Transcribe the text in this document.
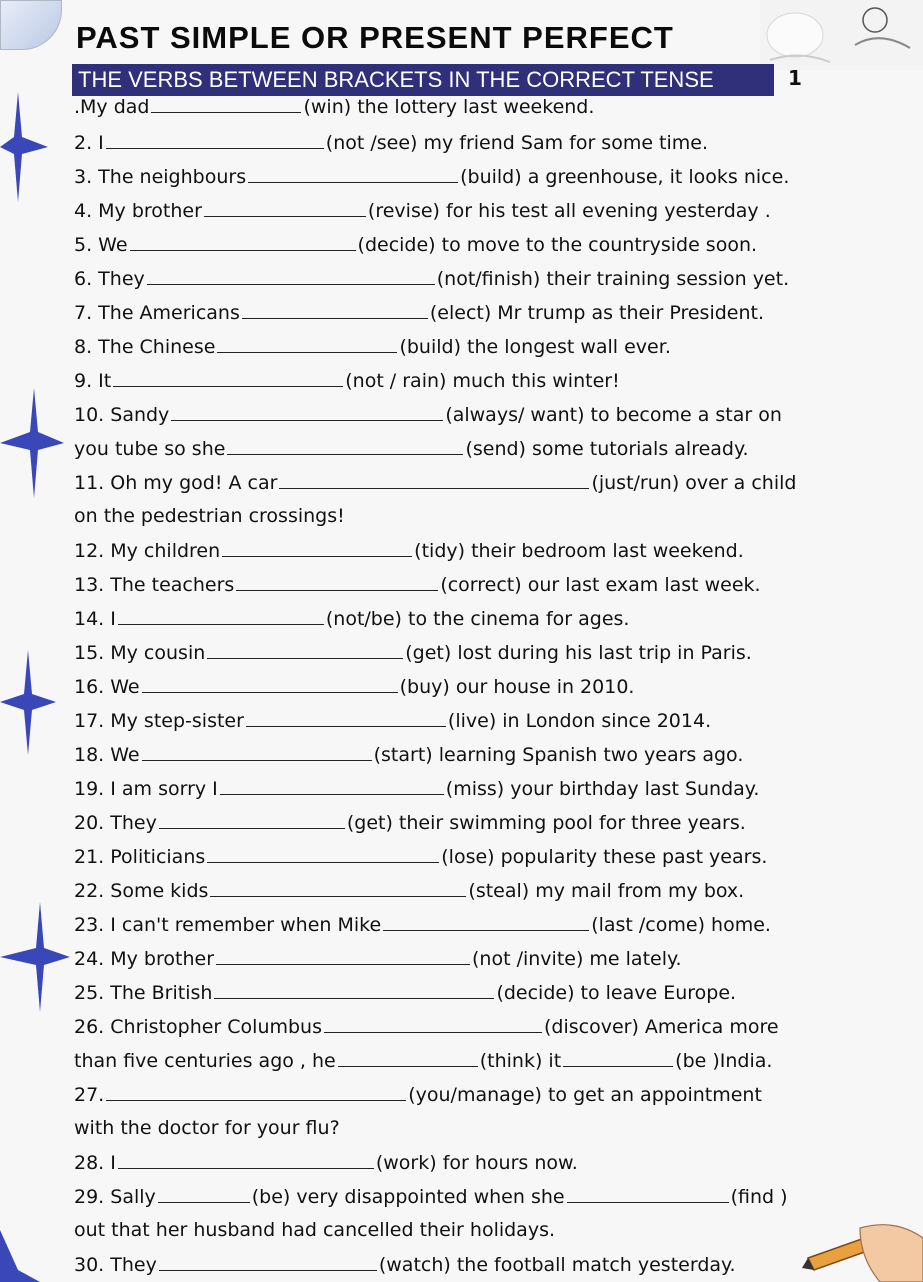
PAST SIMPLE OR PRESENT PERFECT
THE VERBS BETWEEN BRACKETS IN THE CORRECT TENSE	1
.My dad	(win) the lottery last weekend.
2. I	(not /see) my friend Sam for some time.
3. The neighbours	(build) a greenhouse, it looks nice.
4. My brother	(revise) for his test all evening yesterday .
5. We	(decide) to move to the countryside soon.
6. They	(not/finish) their training session yet.
7. The Americans	(elect) Mr trump as their President.
8. The Chinese	(build) the longest wall ever.
9. It	(not / rain) much this winter!
10. Sandy	(always/ want) to become a star on
you tube so she	(send) some tutorials already.
11. Oh my god! A car	(just/run) over a child
on the pedestrian crossings!
12. My children	(tidy) their bedroom last weekend.
13. The teachers	(correct) our last exam last week.
14. I	(not/be) to the cinema for ages.
15. My cousin	(get) lost during his last trip in Paris.
16. We	(buy) our house in 2010.
17. My step-sister	(live) in London since 2014.
18. We	(start) learning Spanish two years ago.
19. I am sorry I	(miss) your birthday last Sunday.
20. They	(get) their swimming pool for three years.
21. Politicians	(lose) popularity these past years.
22. Some kids	(steal) my mail from my box.
23. I can't remember when Mike	(last /come) home.
24. My brother	(not /invite) me lately.
25. The British	(decide) to leave Europe.
26. Christopher Columbus	(discover) America more
than five centuries ago , he	(think) it	(be )India.
27.	(you/manage) to get an appointment
with the doctor for your flu?
28. I	(work) for hours now.
29. Sally	(be) very disappointed when she	(find )
out that her husband had cancelled their holidays.
30. They	(watch) the football match yesterday.
